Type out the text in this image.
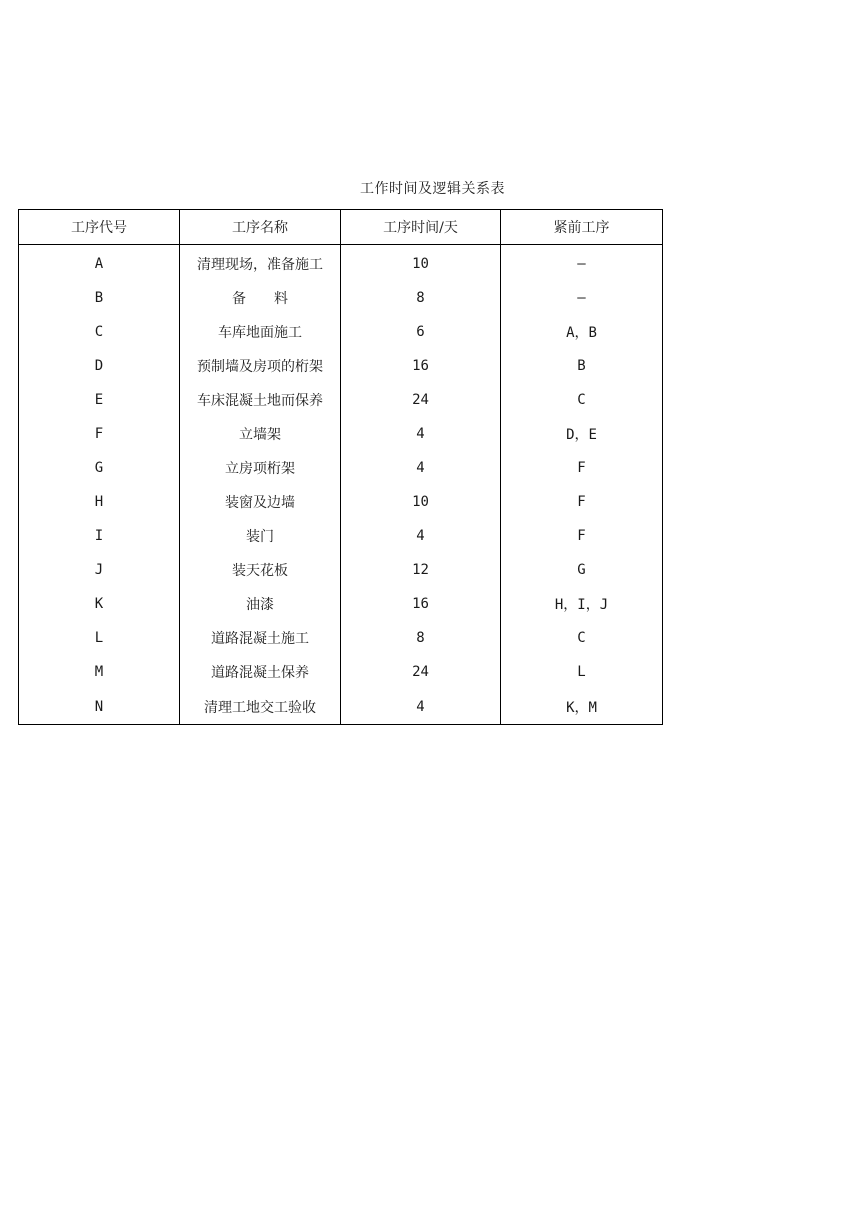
工作时间及逻辑关系表
工序代号	工序名称	工序时间/天	紧前工序
A	清理现场，准备施工	10	—
B	备　　料	8	—
C	车库地面施工	6	A，B
D	预制墙及房项的桁架	16	B
E	车床混凝土地而保养	24	C
F	立墙架	4	D，E
G	立房项桁架	4	F
H	装窗及边墙	10	F
I	装门	4	F
J	装天花板	12	G
K	油漆	16	H，I，J
L	道路混凝土施工	8	C
M	道路混凝土保养	24	L
N	清理工地交工验收	4	K，M
